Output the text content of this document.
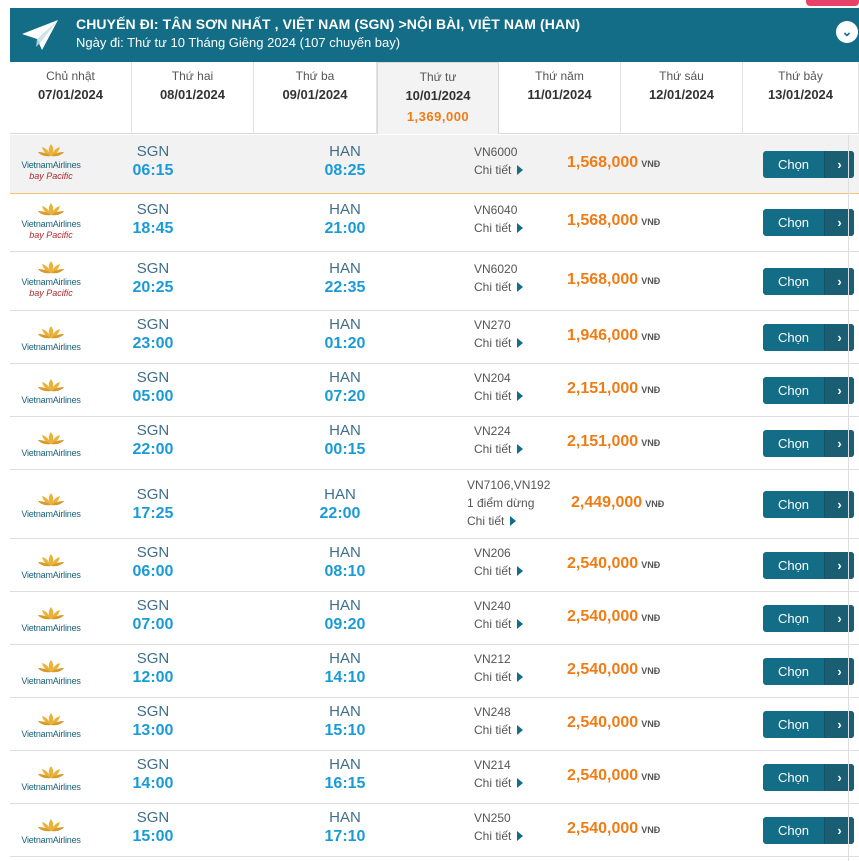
CHUYẾN ĐI: TÂN SƠN NHẤT , VIỆT NAM (SGN) >NỘI BÀI, VIỆT NAM (HAN)
Ngày đi: Thứ tư 10 Tháng Giêng 2024 (107 chuyến bay)
⌄
Chủ nhật
07/01/2024
Thứ hai
08/01/2024
Thứ ba
09/01/2024
Thứ tư
10/01/2024
1,369,000
Thứ năm
11/01/2024
Thứ sáu
12/01/2024
Thứ bảy
13/01/2024
VietnamAirlines
bay Pacific
SGN
06:15
HAN
08:25
VN6000
Chi tiết	1,568,000 VNĐ	Chọn	›
VietnamAirlines
bay Pacific
SGN
18:45
HAN
21:00
VN6040
Chi tiết	1,568,000 VNĐ	Chọn	›
VietnamAirlines
bay Pacific
SGN
20:25
HAN
22:35
VN6020
Chi tiết	1,568,000 VNĐ	Chọn	›
VietnamAirlines
SGN
23:00
HAN
01:20
VN270
Chi tiết	1,946,000 VNĐ	Chọn	›
VietnamAirlines
SGN
05:00
HAN
07:20
VN204
Chi tiết	2,151,000 VNĐ	Chọn	›
VietnamAirlines
SGN
22:00
HAN
00:15
VN224
Chi tiết	2,151,000 VNĐ	Chọn	›
VietnamAirlines
SGN
17:25
HAN
22:00
VN7106,VN192
1 điểm dừng
Chi tiết
2,449,000 VNĐ	Chọn	›
VietnamAirlines
SGN
06:00
HAN
08:10
VN206
Chi tiết	2,540,000 VNĐ	Chọn	›
VietnamAirlines
SGN
07:00
HAN
09:20
VN240
Chi tiết	2,540,000 VNĐ	Chọn	›
VietnamAirlines
SGN
12:00
HAN
14:10
VN212
Chi tiết	2,540,000 VNĐ	Chọn	›
VietnamAirlines
SGN
13:00
HAN
15:10
VN248
Chi tiết	2,540,000 VNĐ	Chọn	›
VietnamAirlines
SGN
14:00
HAN
16:15
VN214
Chi tiết	2,540,000 VNĐ	Chọn	›
VietnamAirlines
SGN
15:00
HAN
17:10
VN250
Chi tiết	2,540,000 VNĐ	Chọn	›
